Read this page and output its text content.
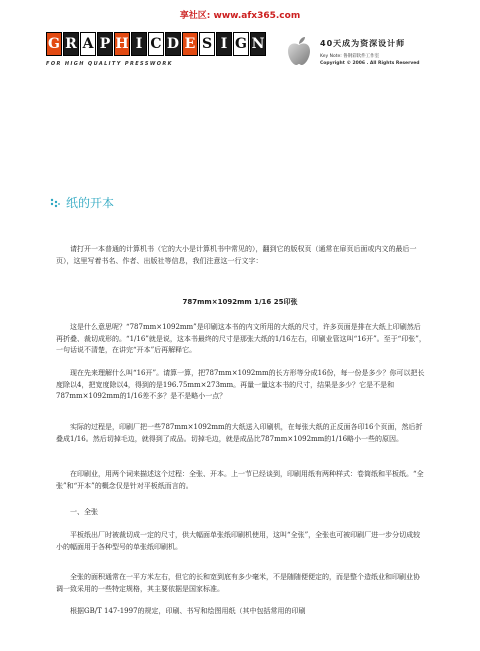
享社区: www.afx365.com
G R A P H I C D E S I G N
FOR HIGH QUALITY PRESSWORK
40天成为资深设计师
Key Note: 鲁钢彩软件工作室
Copyright © 2006 . All Rights Reserved
纸的开本
请打开一本普通的计算机书（它的大小是计算机书中常见的），翻到它的版权页（通常在扉页后面或内文的最后一页），这里写着书名、作者、出版社等信息，我们注意这一行文字：
787mm×1092mm 1/16 25印张
这是什么意思呢？“787mm×1092mm”是印刷这本书的内文所用的大纸的尺寸，许多页面是排在大纸上印刷然后再折叠、裁切成形的。“1/16”就是说，这本书最终的尺寸是那张大纸的1/16左右，印刷业管这叫“16开”。至于“印张”，一句话说不清楚，在讲完“开本”后再解释它。
现在先来理解什么叫“16开”。请算一算，把787mm×1092mm的长方形等分成16份，每一份是多少？你可以把长度除以4，把宽度除以4，得到的是196.75mm×273mm。再量一量这本书的尺寸，结果是多少？它是不是和787mm×1092mm的1/16差不多？是不是略小一点？
实际的过程是，印刷厂把一些787mm×1092mm的大纸送入印刷机，在每张大纸的正反面各印16个页面，然后折叠成1/16。然后切掉毛边，就得到了成品。切掉毛边，就是成品比787mm×1092mm的1/16略小一些的原因。
在印刷业，用两个词来描述这个过程：全张、开本。上一节已经谈到，印刷用纸有两种样式：卷筒纸和平板纸。“全张”和“开本”的概念仅是针对平板纸而言的。
一、全张
平板纸出厂时被裁切成一定的尺寸，供大幅面单张纸印刷机使用，这叫“全张”，全张也可被印刷厂进一步分切成较小的幅面用于各种型号的单张纸印刷机。
全张的面积通常在一平方米左右，但它的长和宽到底有多少毫米，不是随随便便定的，而是整个造纸业和印刷业协调一致采用的一些特定规格，其主要依据是国家标准。
根据GB/T 147-1997的规定，印刷、书写和绘图用纸（其中包括常用的印刷
